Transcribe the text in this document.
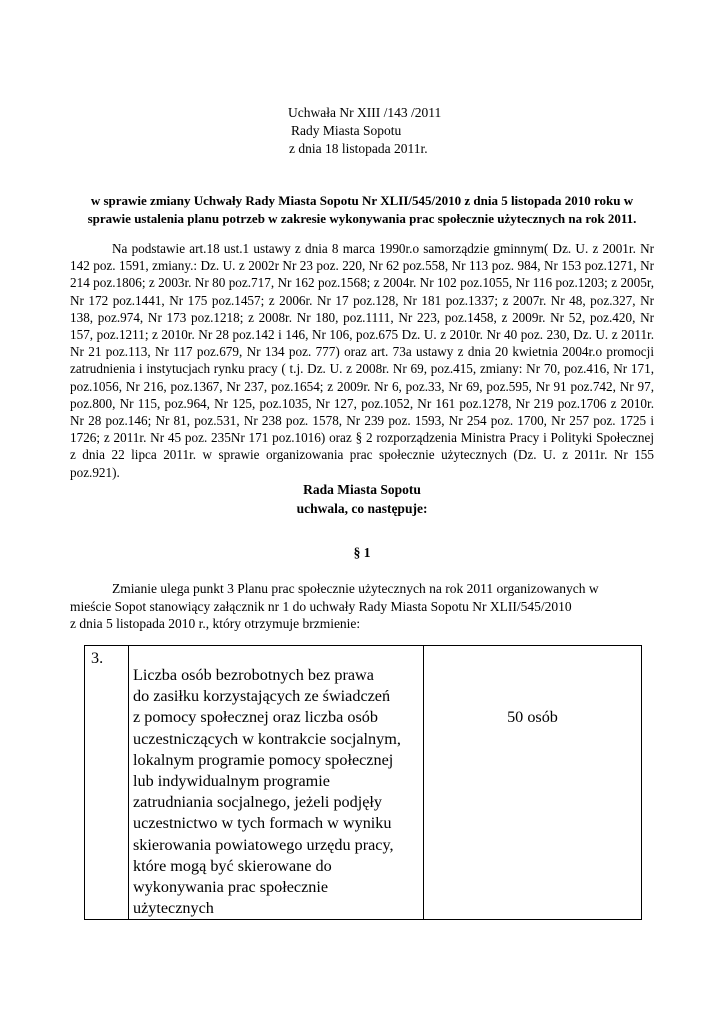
Uchwała Nr XIII /143 /2011
Rady Miasta Sopotu
z dnia 18 listopada 2011r.
w sprawie zmiany Uchwały Rady Miasta Sopotu Nr XLII/545/2010 z dnia 5 listopada 2010 roku w sprawie ustalenia planu potrzeb w zakresie wykonywania prac społecznie użytecznych na rok 2011.
Na podstawie art.18 ust.1 ustawy z dnia 8 marca 1990r.o samorządzie gminnym( Dz. U. z 2001r. Nr 142 poz. 1591, zmiany.: Dz. U. z 2002r Nr 23 poz. 220, Nr 62 poz.558, Nr 113 poz. 984, Nr 153 poz.1271, Nr 214 poz.1806; z 2003r. Nr 80 poz.717, Nr 162 poz.1568; z 2004r. Nr 102 poz.1055, Nr 116 poz.1203; z 2005r, Nr 172 poz.1441, Nr 175 poz.1457; z 2006r. Nr 17 poz.128, Nr 181 poz.1337; z 2007r. Nr 48, poz.327, Nr 138, poz.974, Nr 173 poz.1218; z 2008r. Nr 180, poz.1111, Nr 223, poz.1458, z 2009r. Nr 52, poz.420, Nr 157, poz.1211; z 2010r. Nr 28 poz.142 i 146, Nr 106, poz.675 Dz. U. z 2010r. Nr 40 poz. 230, Dz. U. z 2011r. Nr 21 poz.113, Nr 117 poz.679, Nr 134 poz. 777) oraz art. 73a ustawy z dnia 20 kwietnia 2004r.o promocji zatrudnienia i instytucjach rynku pracy ( t.j. Dz. U. z 2008r. Nr 69, poz.415, zmiany: Nr 70, poz.416, Nr 171, poz.1056, Nr 216, poz.1367, Nr 237, poz.1654; z 2009r. Nr 6, poz.33, Nr 69, poz.595, Nr 91 poz.742, Nr 97, poz.800, Nr 115, poz.964, Nr 125, poz.1035, Nr 127, poz.1052, Nr 161 poz.1278, Nr 219 poz.1706 z 2010r. Nr 28 poz.146; Nr 81, poz.531, Nr 238 poz. 1578, Nr 239 poz. 1593, Nr 254 poz. 1700, Nr 257 poz. 1725 i 1726; z 2011r. Nr 45 poz. 235Nr 171 poz.1016) oraz § 2 rozporządzenia Ministra Pracy i Polityki Społecznej z dnia 22 lipca 2011r. w sprawie organizowania prac społecznie użytecznych (Dz. U. z 2011r. Nr 155 poz.921).
Rada Miasta Sopotu
uchwala, co następuje:
§ 1
Zmianie ulega punkt 3 Planu prac społecznie użytecznych na rok 2011 organizowanych w
mieście Sopot stanowiący załącznik nr 1 do uchwały Rady Miasta Sopotu Nr XLII/545/2010
z dnia 5 listopada 2010 r., który otrzymuje brzmienie:
3.	
Liczba osób bezrobotnych bez prawa
do zasiłku korzystających ze świadczeń
z pomocy społecznej oraz liczba osób
uczestniczących w kontrakcie socjalnym,
lokalnym programie pomocy społecznej
lub indywidualnym programie
zatrudniania socjalnego, jeżeli podjęły
uczestnictwo w tych formach w wyniku
skierowania powiatowego urzędu pracy,
które mogą być skierowane do
wykonywania prac społecznie
użytecznych
	50 osób
